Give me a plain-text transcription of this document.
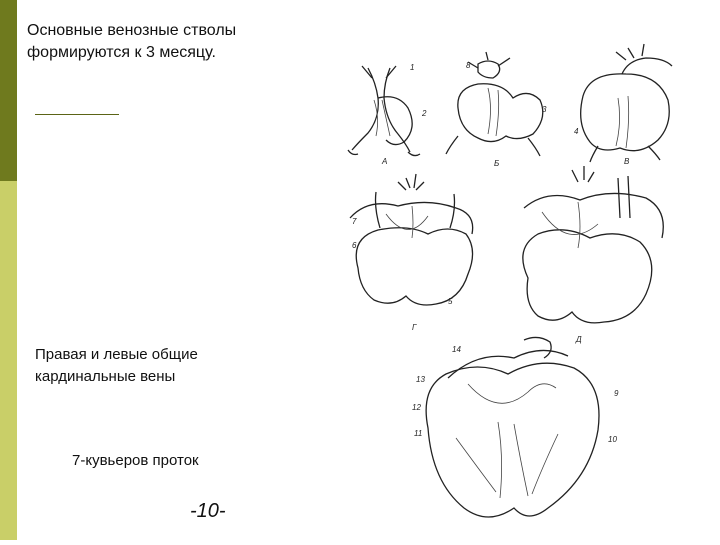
Основные венозные стволы
формируются к 3 месяцу.
Правая и левые общие
кардинальные вены
7-кувьеров проток
-10-
А	Б	В
Г
Д
1
2	3
4
5
6
7
8
9
10
11
12
13
14
